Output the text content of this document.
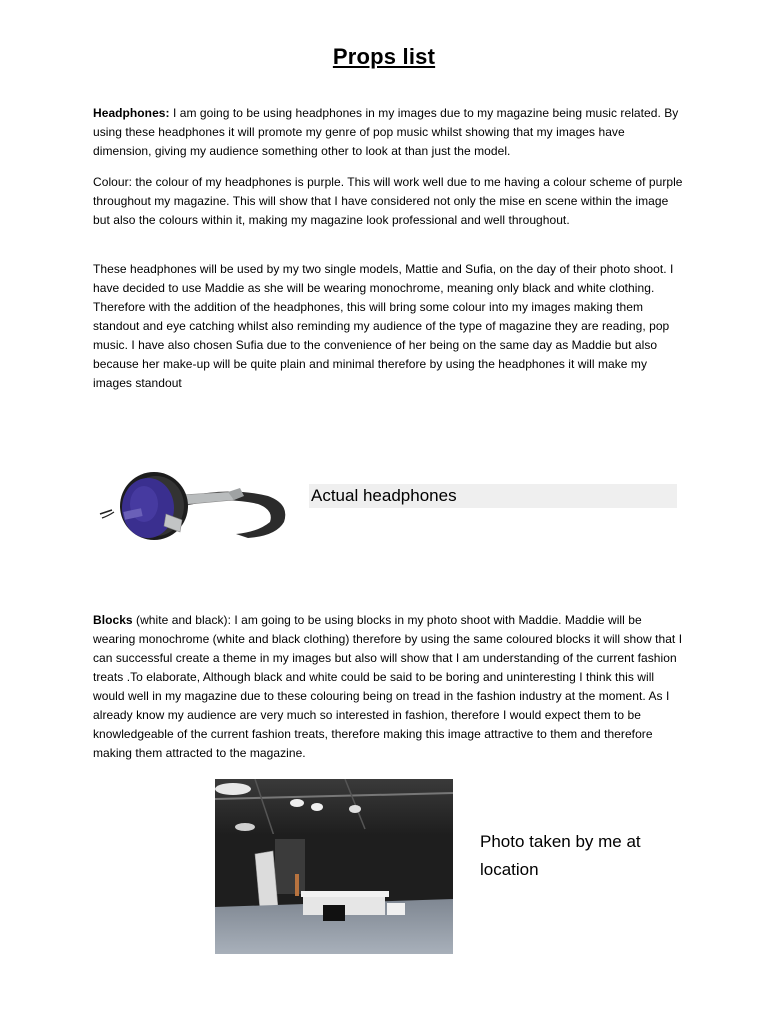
Props list
Headphones: I am going to be using headphones in my images due to my magazine being music related. By using these headphones it will promote my genre of pop music whilst showing that my images have dimension, giving my audience something other to look at than just the model.
Colour: the colour of my headphones is purple. This will work well due to me having a colour scheme of purple throughout my magazine. This will show that I have considered not only the mise en scene within the image but also the colours within it, making my magazine look professional and well throughout.
These headphones will be used by my two single models, Mattie and Sufia, on the day of their photo shoot. I have decided to use Maddie as she will be wearing monochrome, meaning only black and white clothing. Therefore with the addition of the headphones, this will bring some colour into my images making them standout and eye catching whilst also reminding my audience of the type of magazine they are reading, pop music. I have also chosen Sufia due to the convenience of her being on the same day as Maddie but also because her make-up will be quite plain and minimal therefore by using the headphones it will make my images standout
Actual headphones
Blocks (white and black): I am going to be using blocks in my photo shoot with Maddie. Maddie will be wearing monochrome (white and black clothing) therefore by using the same coloured blocks it will show that I can successful create a theme in my images but also will show that I am understanding of the current fashion treats .To elaborate, Although black and white could be said to be boring and uninteresting I think this will would well in my magazine due to these colouring being on tread in the fashion industry at the moment. As I already know my audience are very much so interested in fashion, therefore I would expect them to be knowledgeable of the current fashion treats, therefore making this image attractive to them and therefore making them attracted to the magazine.
Photo taken by me at location
